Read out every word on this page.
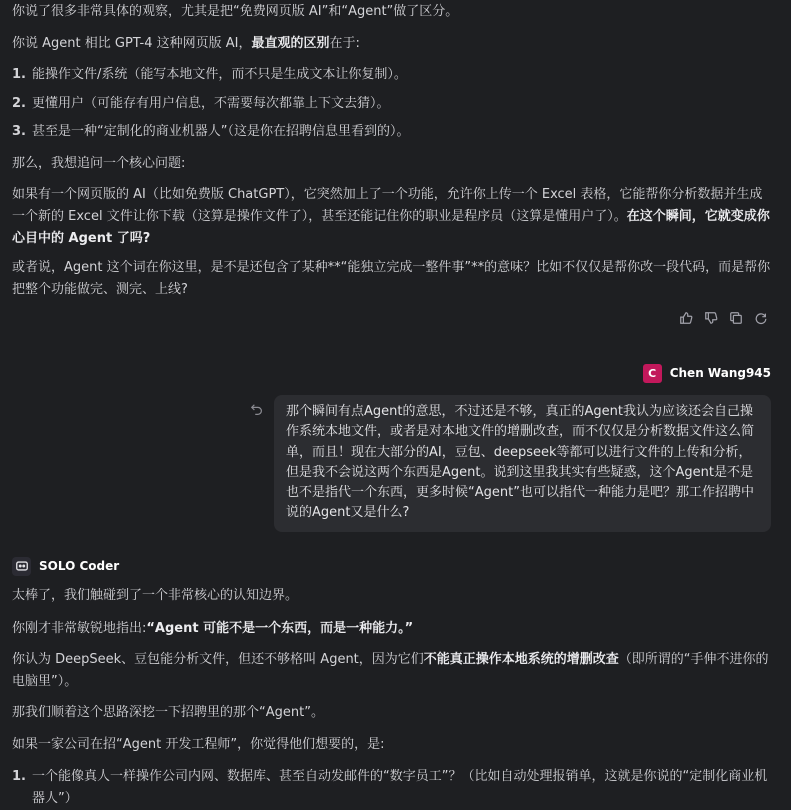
你说了很多非常具体的观察，尤其是把“免费网页版 AI”和“Agent”做了区分。

你说 Agent 相比 GPT-4 这种网页版 AI，最直观的区别在于:

1. 能操作文件/系统（能写本地文件，而不只是生成文本让你复制）。

2. 更懂用户（可能存有用户信息，不需要每次都靠上下文去猜）。

3. 甚至是一种“定制化的商业机器人”（这是你在招聘信息里看到的）。

那么，我想追问一个核心问题:

如果有一个网页版的 AI（比如免费版 ChatGPT），它突然加上了一个功能，允许你上传一个 Excel 表格，它能帮你分析数据并生成一个新的 Excel 文件让你下载（这算是操作文件了），甚至还能记住你的职业是程序员（这算是懂用户了）。在这个瞬间，它就变成你心目中的 Agent 了吗?

或者说，Agent 这个词在你这里，是不是还包含了某种**“能独立完成一整件事”**的意味？比如不仅仅是帮你改一段代码，而是帮你把整个功能做完、测完、上线?

C	Chen Wang945
那个瞬间有点Agent的意思，不过还是不够，真正的Agent我认为应该还会自己操作系统本地文件，或者是对本地文件的增删改查，而不仅仅是分析数据文件这么简单，而且！现在大部分的AI，豆包、deepseek等都可以进行文件的上传和分析，但是我不会说这两个东西是Agent。说到这里我其实有些疑惑，这个Agent是不是也不是指代一个东西，更多时候“Agent”也可以指代一种能力是吧？那工作招聘中说的Agent又是什么?
SOLO Coder

太棒了，我们触碰到了一个非常核心的认知边界。

你刚才非常敏锐地指出:“Agent 可能不是一个东西，而是一种能力。”

你认为 DeepSeek、豆包能分析文件，但还不够格叫 Agent，因为它们不能真正操作本地系统的增删改查（即所谓的“手伸不进你的电脑里”）。

那我们顺着这个思路深挖一下招聘里的那个“Agent”。

如果一家公司在招“Agent 开发工程师”，你觉得他们想要的，是:

1. 一个能像真人一样操作公司内网、数据库、甚至自动发邮件的“数字员工”？（比如自动处理报销单，这就是你说的“定制化商业机器人”）
